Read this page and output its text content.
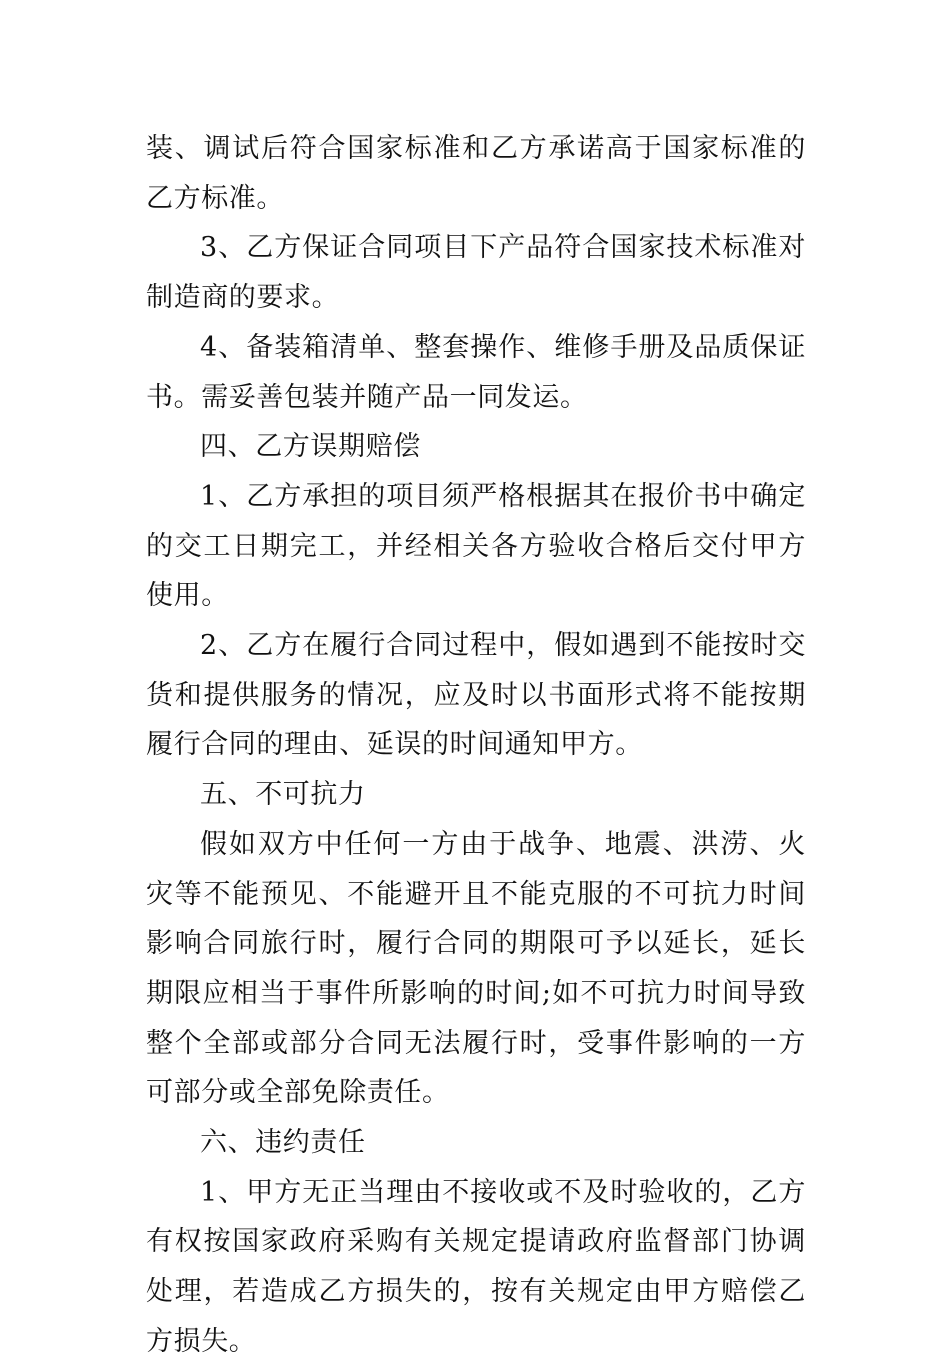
装、调试后符合国家标准和乙方承诺高于国家标准的乙方标准。

3、乙方保证合同项目下产品符合国家技术标准对制造商的要求。

4、备装箱清单、整套操作、维修手册及品质保证书。需妥善包装并随产品一同发运。

四、乙方误期赔偿

1、乙方承担的项目须严格根据其在报价书中确定的交工日期完工，并经相关各方验收合格后交付甲方使用。

2、乙方在履行合同过程中，假如遇到不能按时交货和提供服务的情况，应及时以书面形式将不能按期履行合同的理由、延误的时间通知甲方。

五、不可抗力

假如双方中任何一方由于战争、地震、洪涝、火灾等不能预见、不能避开且不能克服的不可抗力时间影响合同旅行时，履行合同的期限可予以延长，延长期限应相当于事件所影响的时间;如不可抗力时间导致整个全部或部分合同无法履行时，受事件影响的一方可部分或全部免除责任。

六、违约责任

1、甲方无正当理由不接收或不及时验收的，乙方有权按国家政府采购有关规定提请政府监督部门协调处理，若造成乙方损失的，按有关规定由甲方赔偿乙方损失。
